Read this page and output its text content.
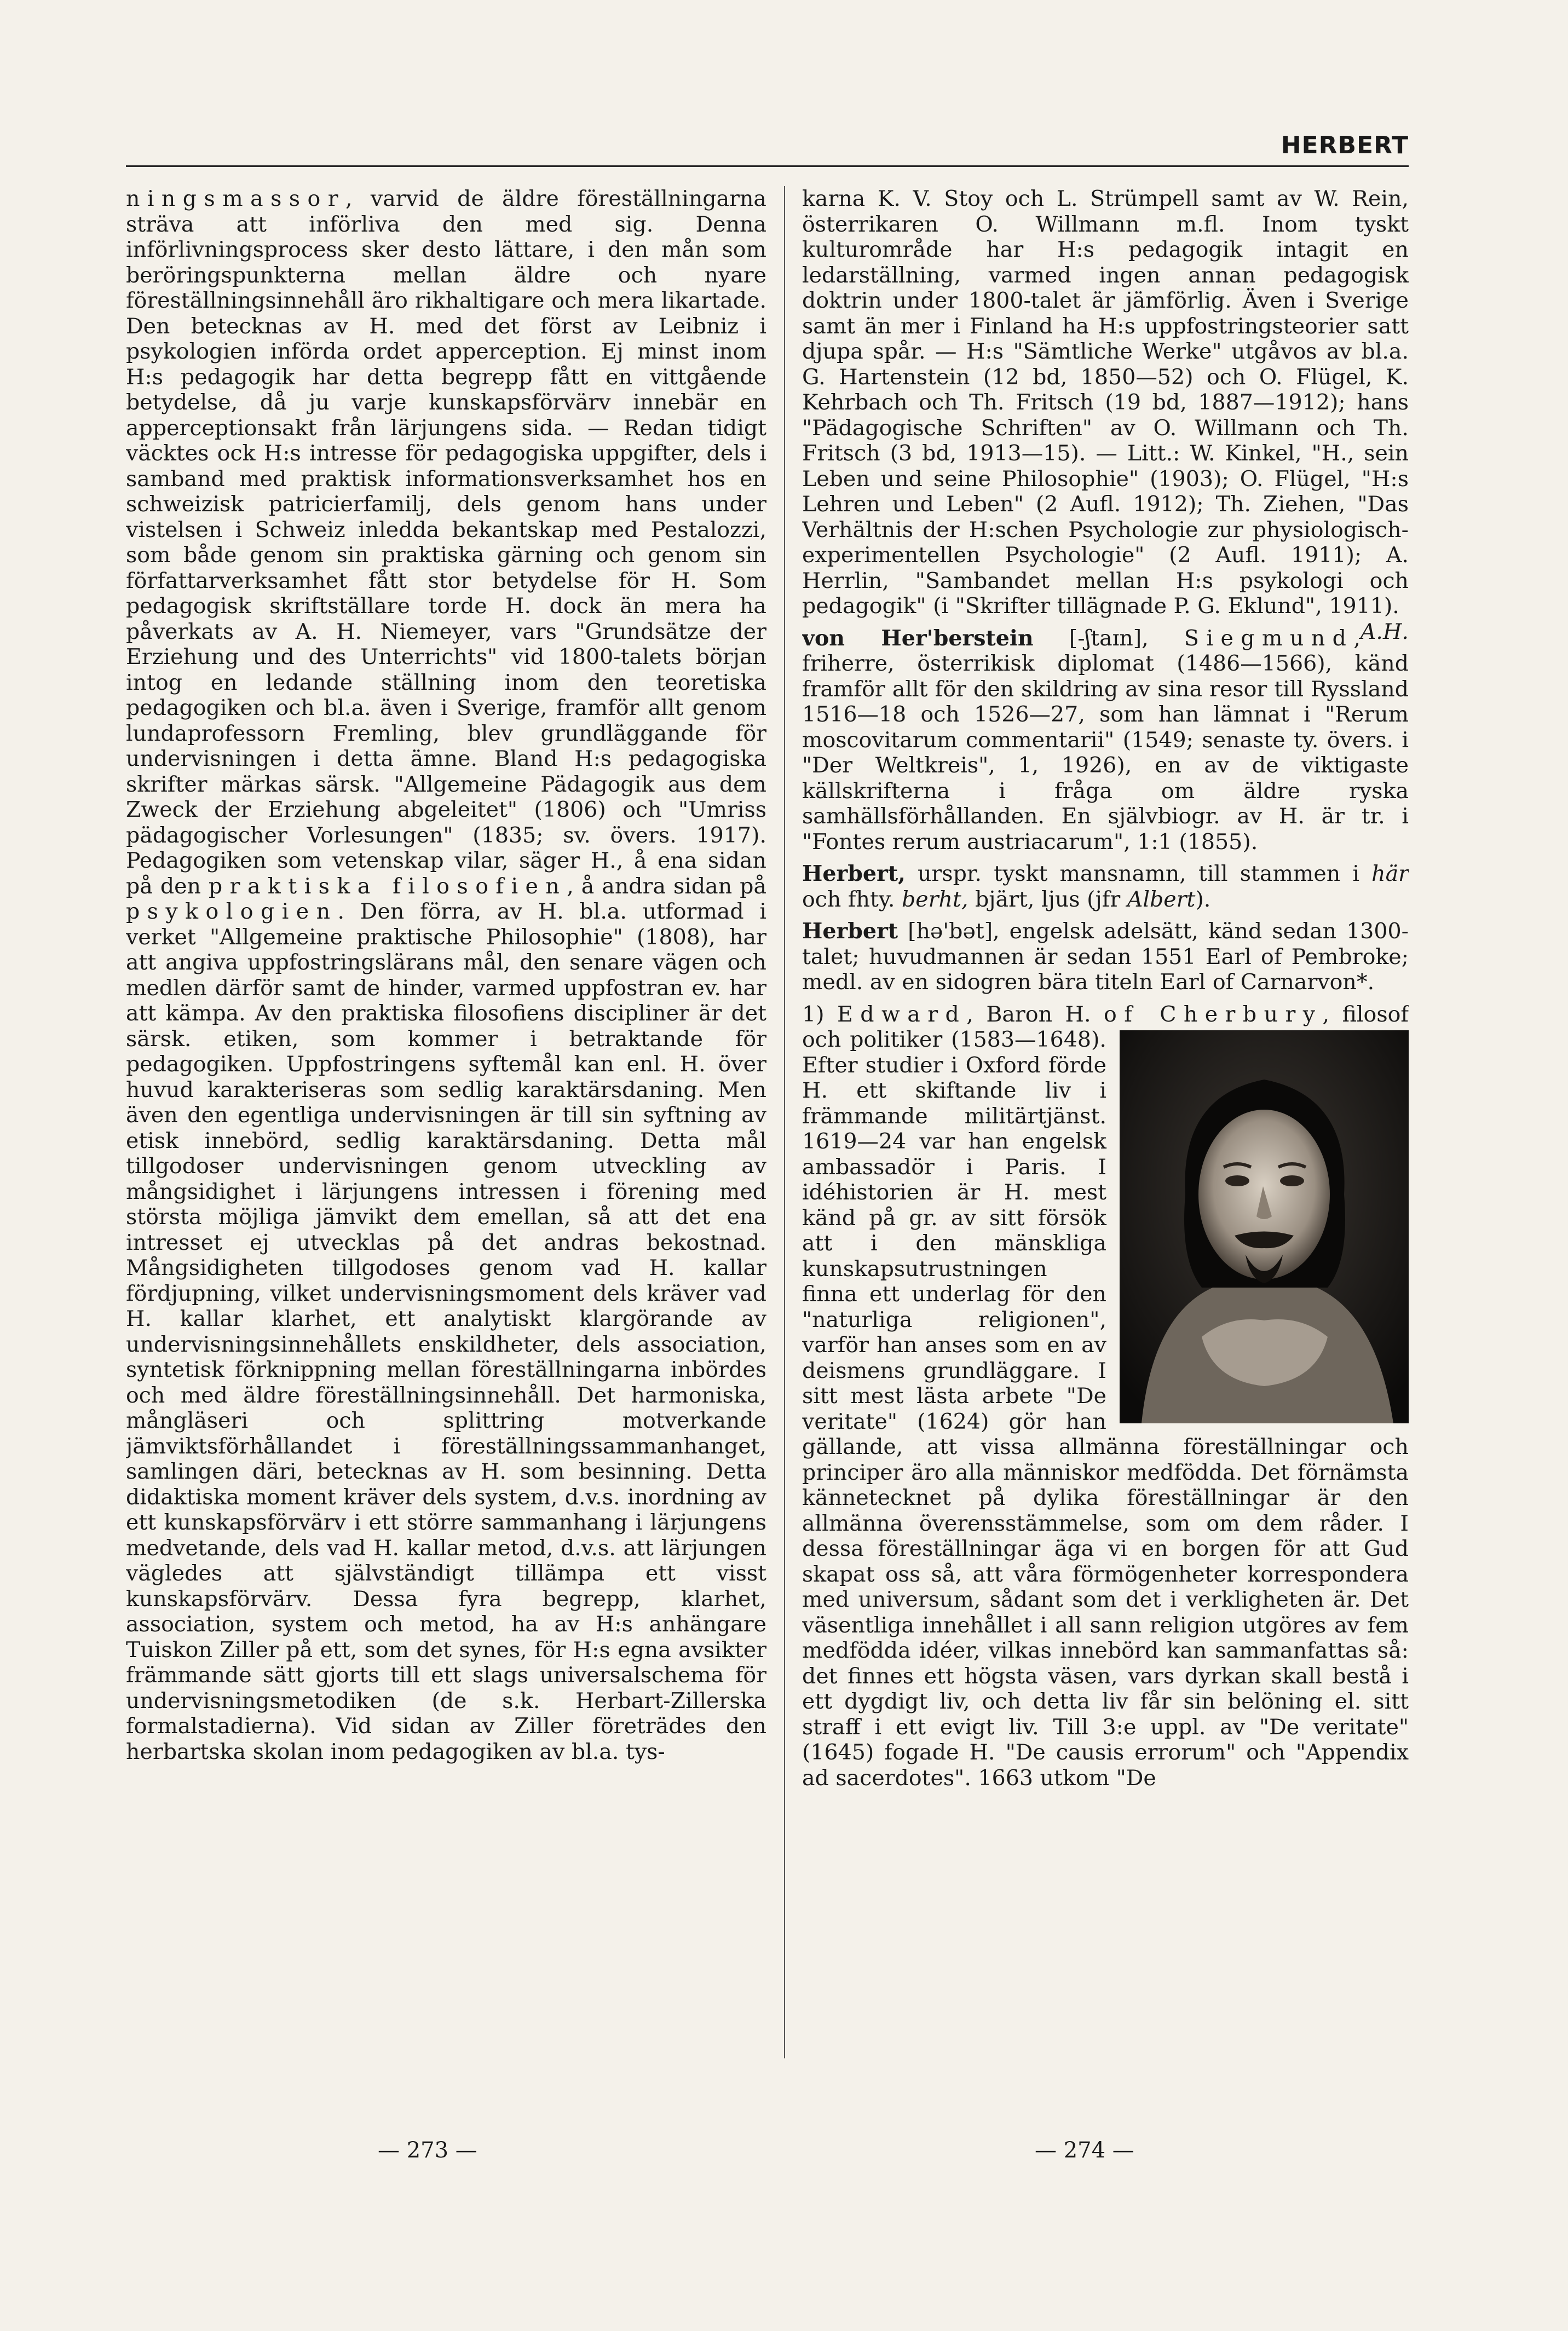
HERBERT

ningsmassor, varvid de äldre föreställningarna sträva att införliva den med sig. Denna införlivningsprocess sker desto lättare, i den mån som beröringspunkterna mellan äldre och nyare föreställningsinnehåll äro rikhaltigare och mera likartade. Den betecknas av H. med det först av Leibniz i psykologien införda ordet apperception. Ej minst inom H:s pedagogik har detta begrepp fått en vittgående betydelse, då ju varje kunskapsförvärv innebär en apperceptionsakt från lärjungens sida. — Redan tidigt väcktes ock H:s intresse för pedagogiska uppgifter, dels i samband med praktisk informationsverksamhet hos en schweizisk patricierfamilj, dels genom hans under vistelsen i Schweiz inledda bekantskap med Pestalozzi, som både genom sin praktiska gärning och genom sin författarverksamhet fått stor betydelse för H. Som pedagogisk skriftställare torde H. dock än mera ha påverkats av A. H. Niemeyer, vars "Grundsätze der Erziehung und des Unterrichts" vid 1800-talets början intog en ledande ställning inom den teoretiska pedagogiken och bl.a. även i Sverige, framför allt genom lundaprofessorn Fremling, blev grundläggande för undervisningen i detta ämne. Bland H:s pedagogiska skrifter märkas särsk. "Allgemeine Pädagogik aus dem Zweck der Erziehung abgeleitet" (1806) och "Umriss pädagogischer Vorlesungen" (1835; sv. övers. 1917). Pedagogiken som vetenskap vilar, säger H., å ena sidan på den praktiska filosofien, å andra sidan på psykologien. Den förra, av H. bl.a. utformad i verket "Allgemeine praktische Philosophie" (1808), har att angiva uppfostringslärans mål, den senare vägen och medlen därför samt de hinder, varmed uppfostran ev. har att kämpa. Av den praktiska filosofiens discipliner är det särsk. etiken, som kommer i betraktande för pedagogiken. Uppfostringens syftemål kan enl. H. över huvud karakteriseras som sedlig karaktärsdaning. Men även den egentliga undervisningen är till sin syftning av etisk innebörd, sedlig karaktärsdaning. Detta mål tillgodoser undervisningen genom utveckling av mångsidighet i lärjungens intressen i förening med största möjliga jämvikt dem emellan, så att det ena intresset ej utvecklas på det andras bekostnad. Mångsidigheten tillgodoses genom vad H. kallar fördjupning, vilket undervisningsmoment dels kräver vad H. kallar klarhet, ett analytiskt klargörande av undervisningsinnehållets enskildheter, dels association, syntetisk förknippning mellan föreställningarna inbördes och med äldre föreställningsinnehåll. Det harmoniska, mångläseri och splittring motverkande jämviktsförhållandet i föreställningssammanhanget, samlingen däri, betecknas av H. som besinning. Detta didaktiska moment kräver dels system, d.v.s. inordning av ett kunskapsförvärv i ett större sammanhang i lärjungens medvetande, dels vad H. kallar metod, d.v.s. att lärjungen vägledes att självständigt tillämpa ett visst kunskapsförvärv. Dessa fyra begrepp, klarhet, association, system och metod, ha av H:s anhängare Tuiskon Ziller på ett, som det synes, för H:s egna avsikter främmande sätt gjorts till ett slags universalschema för undervisningsmetodiken (de s.k. Herbart-Zillerska formalstadierna). Vid sidan av Ziller företrädes den herbartska skolan inom pedagogiken av bl.a. tys-

karna K. V. Stoy och L. Strümpell samt av W. Rein, österrikaren O. Willmann m.fl. Inom tyskt kulturområde har H:s pedagogik intagit en ledarställning, varmed ingen annan pedagogisk doktrin under 1800-talet är jämförlig. Även i Sverige samt än mer i Finland ha H:s uppfostringsteorier satt djupa spår. — H:s "Sämtliche Werke" utgåvos av bl.a. G. Hartenstein (12 bd, 1850—52) och O. Flügel, K. Kehrbach och Th. Fritsch (19 bd, 1887—1912); hans "Pädagogische Schriften" av O. Willmann och Th. Fritsch (3 bd, 1913—15). — Litt.: W. Kinkel, "H., sein Leben und seine Philosophie" (1903); O. Flügel, "H:s Lehren und Leben" (2 Aufl. 1912); Th. Ziehen, "Das Verhältnis der H:schen Psychologie zur physiologisch-experimentellen Psychologie" (2 Aufl. 1911); A. Herrlin, "Sambandet mellan H:s psykologi och pedagogik" (i "Skrifter tillägnade P. G. Eklund", 1911).
A.H.

von Her'berstein [-ʃtaɪn], Siegmund, friherre, österrikisk diplomat (1486—1566), känd framför allt för den skildring av sina resor till Ryssland 1516—18 och 1526—27, som han lämnat i "Rerum moscovitarum commentarii" (1549; senaste ty. övers. i "Der Weltkreis", 1, 1926), en av de viktigaste källskrifterna i fråga om äldre ryska samhällsförhållanden. En självbiogr. av H. är tr. i "Fontes rerum austriacarum", 1:1 (1855).

Herbert, urspr. tyskt mansnamn, till stammen i här och fhty. berht, bjärt, ljus (jfr Albert).

Herbert [hə'bət], engelsk adelsätt, känd sedan 1300-talet; huvudmannen är sedan 1551 Earl of Pembroke; medl. av en sidogren bära titeln Earl of Carnarvon*.

1) Edward, Baron H. of Cherbury
, filosof och politiker (1583—1648). Efter studier i Oxford förde H. ett skiftande liv i främmande militärtjänst. 1619—24 var han engelsk ambassadör i Paris. I idéhistorien är H. mest känd på gr. av sitt försök att i den mänskliga kunskapsutrustningen finna ett underlag för den "naturliga religionen", varför han anses som en av deismens grundläggare. I sitt mest lästa arbete "De veritate" (1624) gör han gällande, att vissa allmänna föreställningar och principer äro alla människor medfödda. Det förnämsta kännetecknet på dylika föreställningar är den allmänna överensstämmelse, som om dem råder. I dessa föreställningar äga vi en borgen för att Gud skapat oss så, att våra förmögenheter korrespondera med universum, sådant som det i verkligheten är. Det väsentliga innehållet i all sann religion utgöres av fem medfödda idéer, vilkas innebörd kan sammanfattas så: det finnes ett högsta väsen, vars dyrkan skall bestå i ett dygdigt liv, och detta liv får sin belöning el. sitt straff i ett evigt liv. Till 3:e uppl. av "De veritate" (1645) fogade H. "De causis errorum" och "Appendix ad sacerdotes". 1663 utkom "De

— 273 —	— 274 —
